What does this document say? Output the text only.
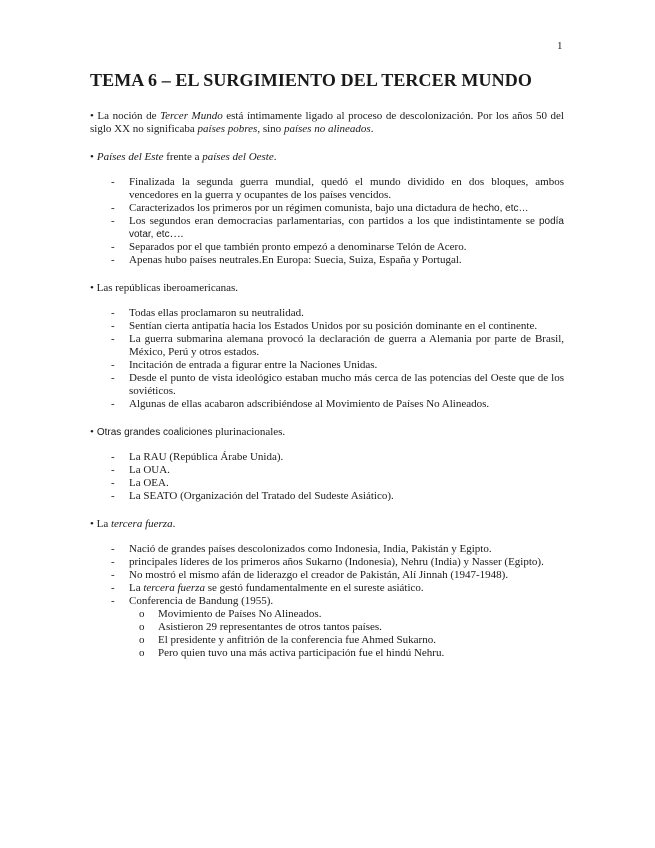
1
TEMA 6 – EL SURGIMIENTO DEL TERCER MUNDO

• La noción de Tercer Mundo está íntimamente ligado al proceso de descolonización. Por los años 50 del siglo XX no significaba países pobres, sino países no alineados.

• Países del Este frente a países del Oeste.

- Finalizada la segunda guerra mundial, quedó el mundo dividido en dos bloques, ambos vencedores en la guerra y ocupantes de los países vencidos.
- Caracterizados los primeros por un régimen comunista, bajo una dictadura de hecho, etc…
- Los segundos eran democracias parlamentarias, con partidos a los que indistintamente se podía votar, etc….
- Separados por el que también pronto empezó a denominarse Telón de Acero.
- Apenas hubo países neutrales.En Europa: Suecia, Suiza, España y Portugal.

• Las repúblicas iberoamericanas.

- Todas ellas proclamaron su neutralidad.
- Sentían cierta antipatía hacia los Estados Unidos por su posición dominante en el continente.
- La guerra submarina alemana provocó la declaración de guerra a Alemania por parte de Brasil, México, Perú y otros estados.
- Incitación de entrada a figurar entre la Naciones Unidas.
- Desde el punto de vista ideológico estaban mucho más cerca de las potencias del Oeste que de los soviéticos.
- Algunas de ellas acabaron adscribiéndose al Movimiento de Países No Alineados.

• Otras grandes coaliciones plurinacionales.

- La RAU (República Árabe Unida).
- La OUA.
- La OEA.
- La SEATO (Organización del Tratado del Sudeste Asiático).

• La tercera fuerza.

- Nació de grandes países descolonizados como Indonesia, India, Pakistán y Egipto.
- principales líderes de los primeros años Sukarno (Indonesia), Nehru (India) y Nasser (Egipto).
- No mostró el mismo afán de liderazgo el creador de Pakistán, Alí Jinnah (1947-1948).
- La tercera fuerza se gestó fundamentalmente en el sureste asiático.
- Conferencia de Bandung (1955).
o Movimiento de Países No Alineados.
o Asistieron 29 representantes de otros tantos países.
o El presidente y anfitrión de la conferencia fue Ahmed Sukarno.
o Pero quien tuvo una más activa participación fue el hindú Nehru.
